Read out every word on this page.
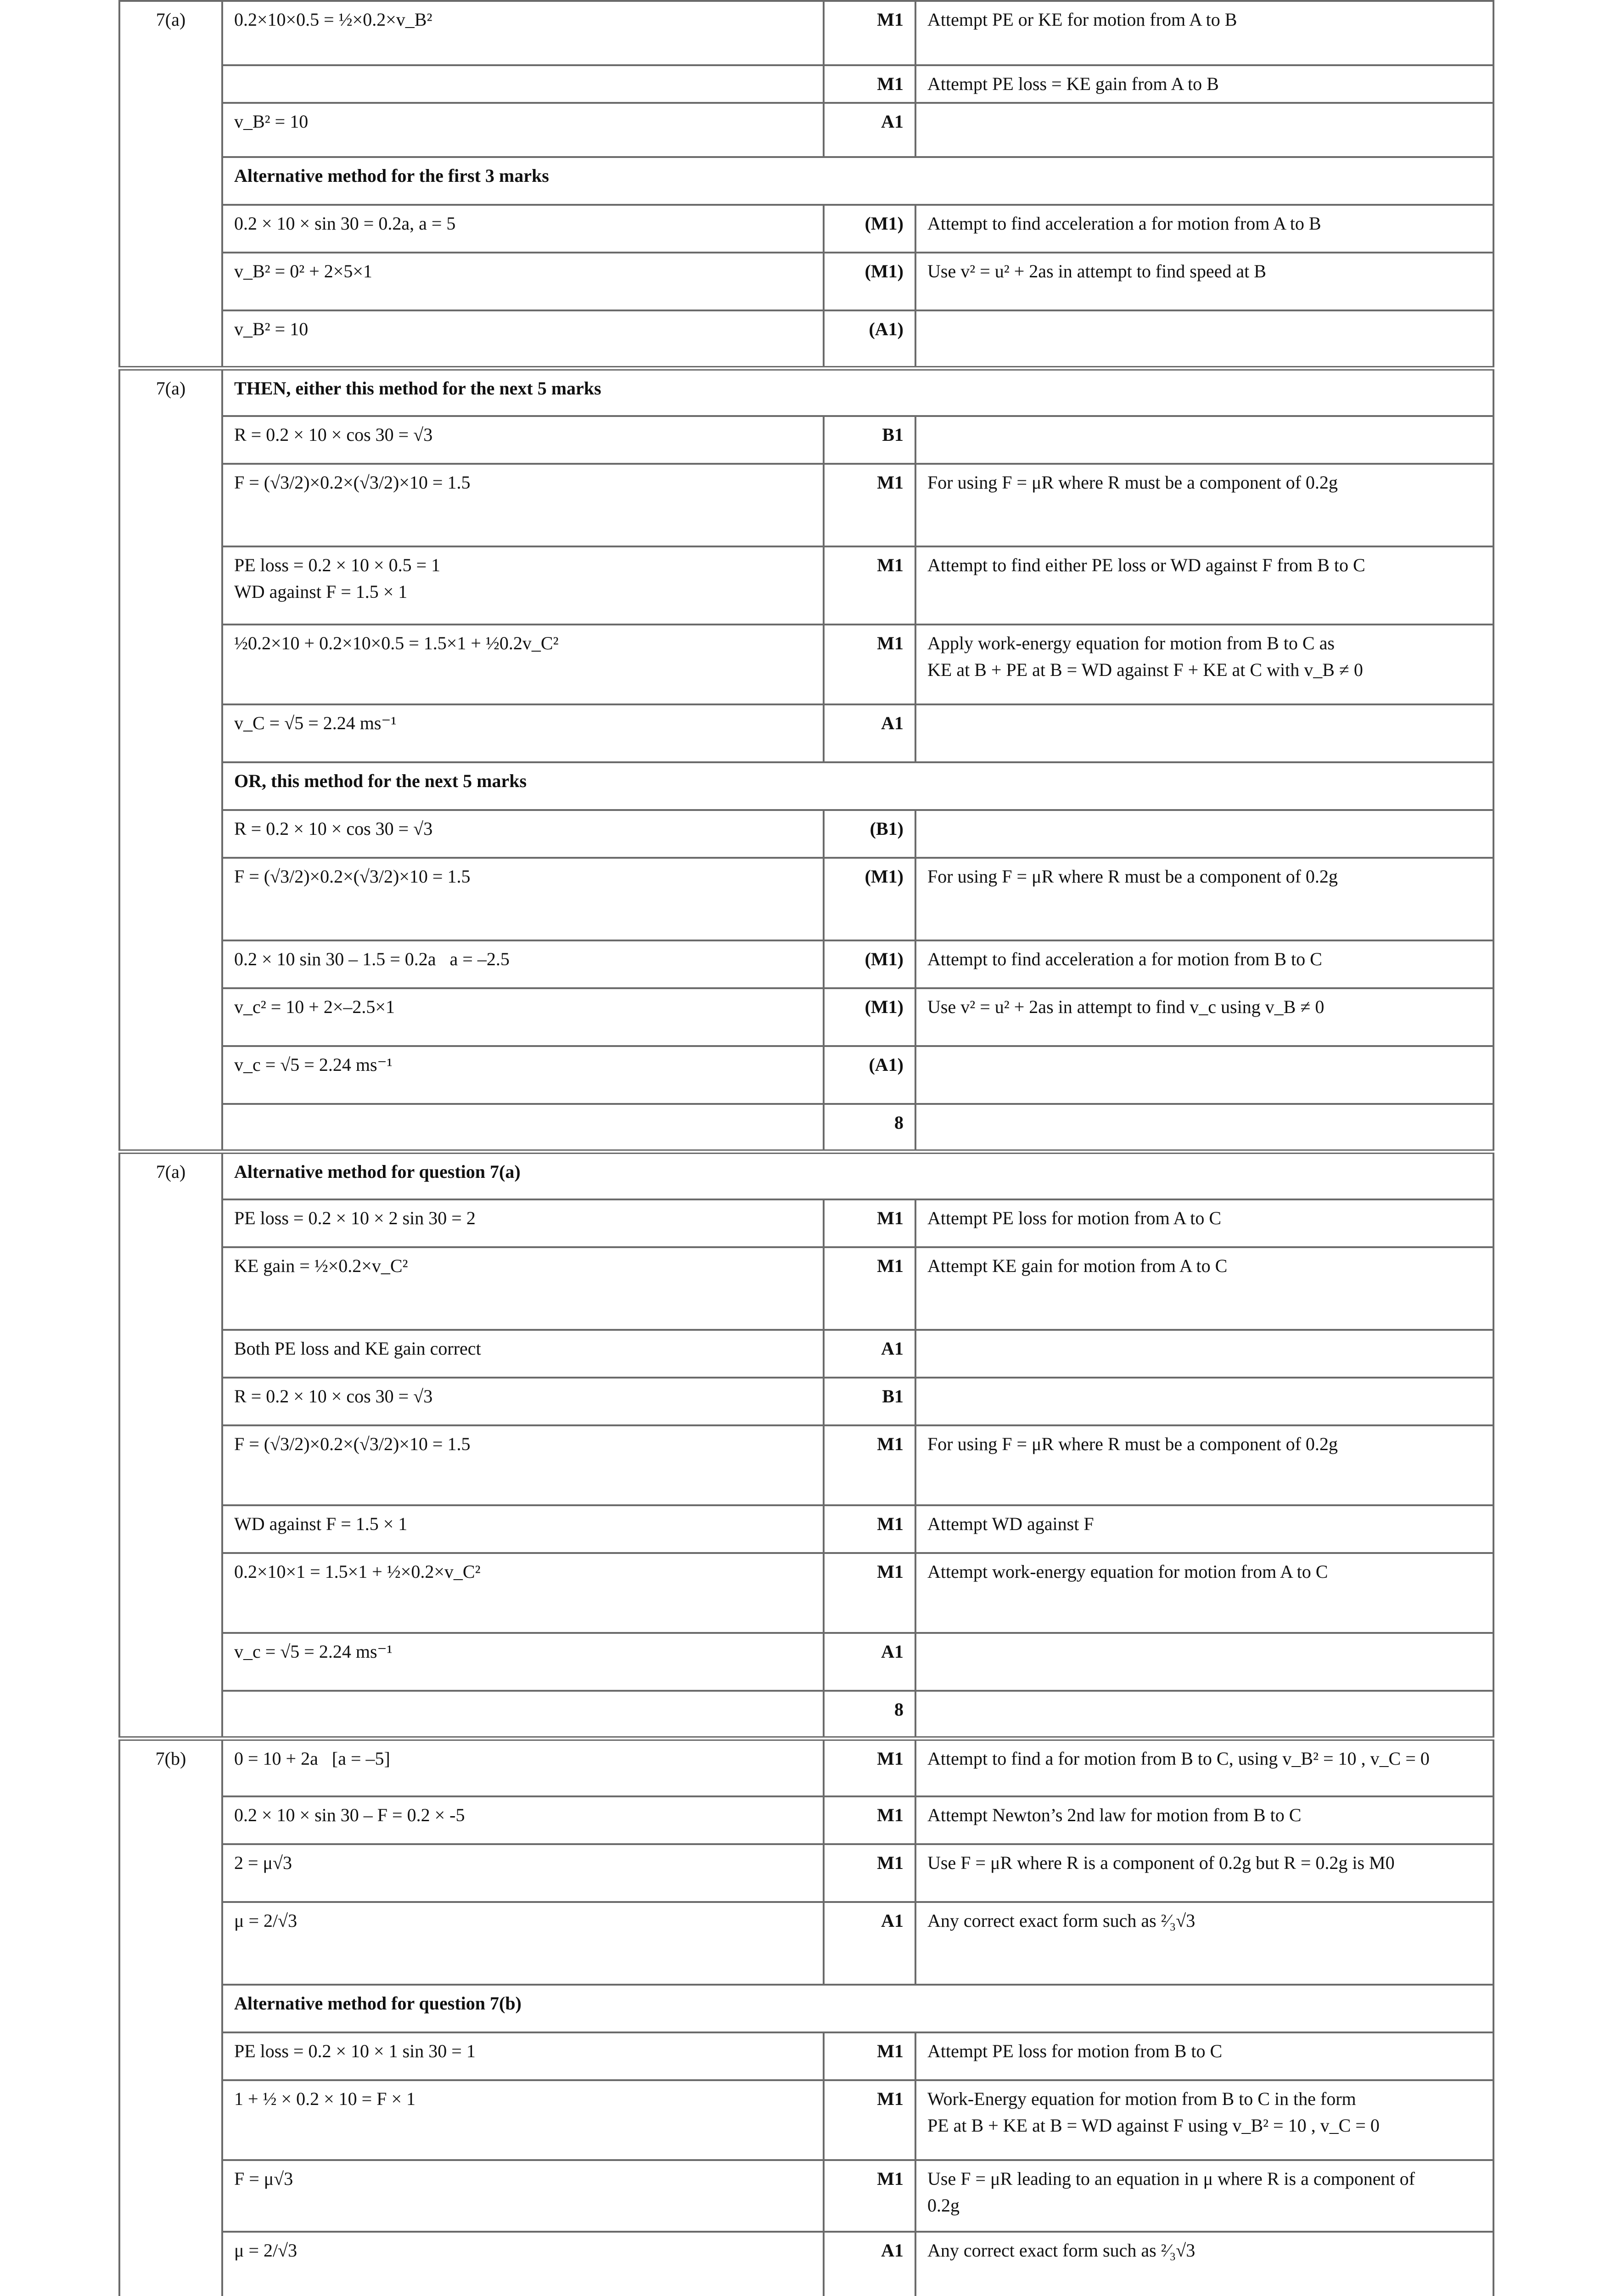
7(a)	0.2×10×0.5 = ½×0.2×v_B²	M1	Attempt PE or KE for motion from A to B
		M1	Attempt PE loss = KE gain from A to B
	v_B² = 10	A1	
	Alternative method for the first 3 marks		
	0.2 × 10 × sin 30 = 0.2a, a = 5	(M1)	Attempt to find acceleration a for motion from A to B
	v_B² = 0² + 2×5×1	(M1)	Use v² = u² + 2as in attempt to find speed at B
	v_B² = 10	(A1)	
7(a)	THEN, either this method for the next 5 marks		
	R = 0.2 × 10 × cos 30 = √3	B1	
	F = (√3/2)×0.2×(√3/2)×10 = 1.5	M1	For using F = μR where R must be a component of 0.2g
	PE loss = 0.2 × 10 × 0.5 = 1
WD against F = 1.5 × 1	M1	Attempt to find either PE loss or WD against F from B to C
	½0.2×10 + 0.2×10×0.5 = 1.5×1 + ½0.2v_C²	M1	Apply work-energy equation for motion from B to C as
KE at B + PE at B = WD against F + KE at C with v_B ≠ 0
	v_C = √5 = 2.24 ms⁻¹	A1	
	OR, this method for the next 5 marks		
	R = 0.2 × 10 × cos 30 = √3	(B1)	
	F = (√3/2)×0.2×(√3/2)×10 = 1.5	(M1)	For using F = μR where R must be a component of 0.2g
	0.2 × 10 sin 30 – 1.5 = 0.2a   a = –2.5	(M1)	Attempt to find acceleration a for motion from B to C
	v_c² = 10 + 2×–2.5×1	(M1)	Use v² = u² + 2as in attempt to find v_c using v_B ≠ 0
	v_c = √5 = 2.24 ms⁻¹	(A1)	
		8	
7(a)	Alternative method for question 7(a)		
	PE loss = 0.2 × 10 × 2 sin 30 = 2	M1	Attempt PE loss for motion from A to C
	KE gain = ½×0.2×v_C²	M1	Attempt KE gain for motion from A to C
	Both PE loss and KE gain correct	A1	
	R = 0.2 × 10 × cos 30 = √3	B1	
	F = (√3/2)×0.2×(√3/2)×10 = 1.5	M1	For using F = μR where R must be a component of 0.2g
	WD against F = 1.5 × 1	M1	Attempt WD against F
	0.2×10×1 = 1.5×1 + ½×0.2×v_C²	M1	Attempt work-energy equation for motion from A to C
	v_c = √5 = 2.24 ms⁻¹	A1	
		8	
7(b)	0 = 10 + 2a   [a = –5]	M1	Attempt to find a for motion from B to C, using v_B² = 10 , v_C = 0
	0.2 × 10 × sin 30 – F = 0.2 × -5	M1	Attempt Newton’s 2nd law for motion from B to C
	2 = μ√3	M1	Use F = μR where R is a component of 0.2g but R = 0.2g is M0
	μ = 2/√3	A1	Any correct exact form such as ²⁄₃√3
	Alternative method for question 7(b)		
	PE loss = 0.2 × 10 × 1 sin 30 = 1	M1	Attempt PE loss for motion from B to C
	1 + ½ × 0.2 × 10 = F × 1	M1	Work-Energy equation for motion from B to C in the form
PE at B + KE at B = WD against F using v_B² = 10 , v_C = 0
	F = μ√3	M1	Use F = μR leading to an equation in μ where R is a component of
0.2g
	μ = 2/√3	A1	Any correct exact form such as ²⁄₃√3
